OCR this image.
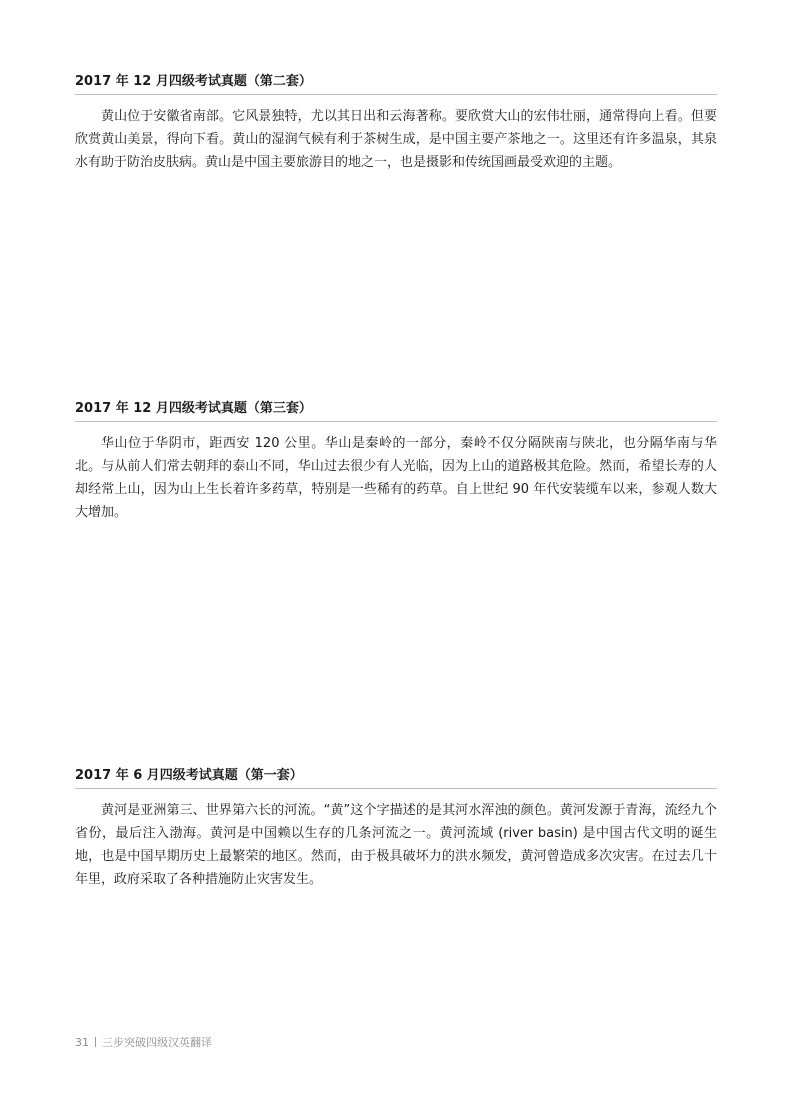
2017 年 12 月四级考试真题（第二套）

黄山位于安徽省南部。它风景独特，尤以其日出和云海著称。要欣赏大山的宏伟壮丽，通常得向上看。但要欣赏黄山美景，得向下看。黄山的湿润气候有利于茶树生成，是中国主要产茶地之一。这里还有许多温泉，其泉水有助于防治皮肤病。黄山是中国主要旅游目的地之一，也是摄影和传统国画最受欢迎的主题。

2017 年 12 月四级考试真题（第三套）

华山位于华阴市，距西安 120 公里。华山是秦岭的一部分，秦岭不仅分隔陕南与陕北，也分隔华南与华北。与从前人们常去朝拜的泰山不同，华山过去很少有人光临，因为上山的道路极其危险。然而，希望长寿的人却经常上山，因为山上生长着许多药草，特别是一些稀有的药草。自上世纪 90 年代安装缆车以来，参观人数大大增加。

2017 年 6 月四级考试真题（第一套）

黄河是亚洲第三、世界第六长的河流。“黄”这个字描述的是其河水浑浊的颜色。黄河发源于青海，流经九个省份，最后注入渤海。黄河是中国赖以生存的几条河流之一。黄河流域 (river basin) 是中国古代文明的诞生地，也是中国早期历史上最繁荣的地区。然而，由于极具破坏力的洪水频发，黄河曾造成多次灾害。在过去几十年里，政府采取了各种措施防止灾害发生。

31 三步突破四级汉英翻译
